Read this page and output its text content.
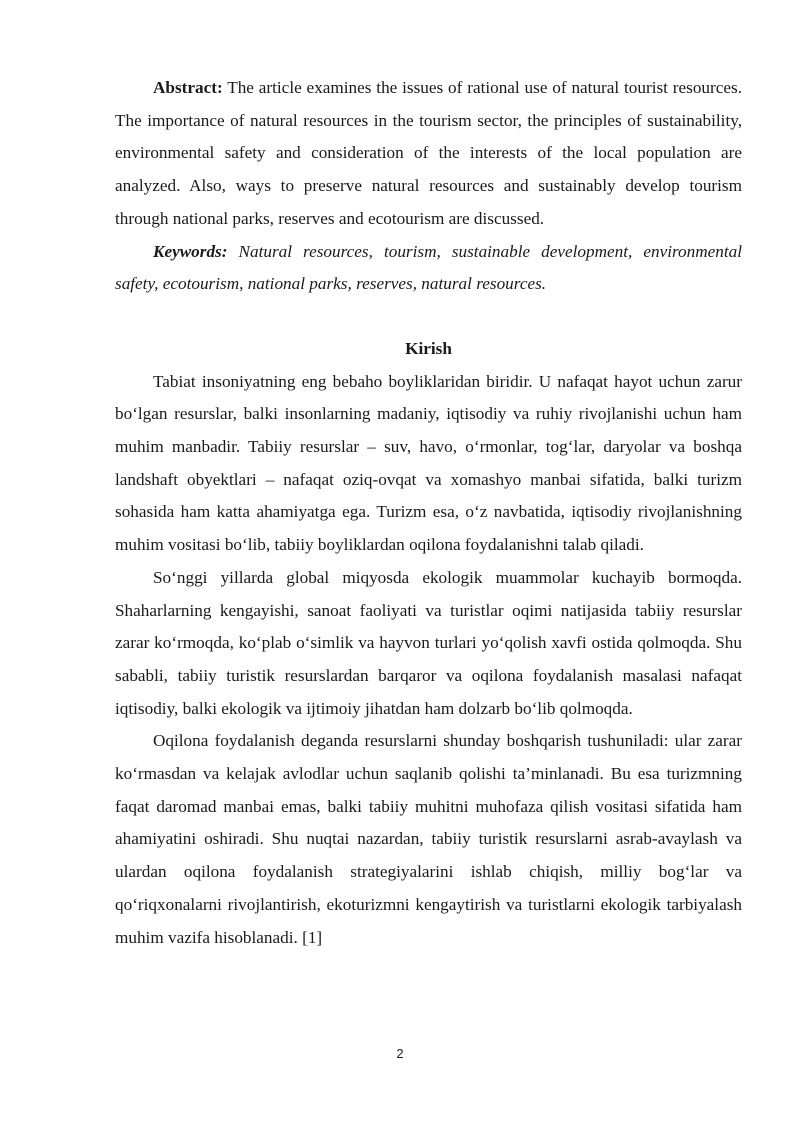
Abstract: The article examines the issues of rational use of natural tourist resources. The importance of natural resources in the tourism sector, the principles of sustainability, environmental safety and consideration of the interests of the local population are analyzed. Also, ways to preserve natural resources and sustainably develop tourism through national parks, reserves and ecotourism are discussed.

Keywords: Natural resources, tourism, sustainable development, environmental safety, ecotourism, national parks, reserves, natural resources.

Kirish

Tabiat insoniyatning eng bebaho boyliklaridan biridir. U nafaqat hayot uchun zarur bo‘lgan resurslar, balki insonlarning madaniy, iqtisodiy va ruhiy rivojlanishi uchun ham muhim manbadir. Tabiiy resurslar – suv, havo, o‘rmonlar, tog‘lar, daryolar va boshqa landshaft obyektlari – nafaqat oziq-ovqat va xomashyo manbai sifatida, balki turizm sohasida ham katta ahamiyatga ega. Turizm esa, o‘z navbatida, iqtisodiy rivojlanishning muhim vositasi bo‘lib, tabiiy boyliklardan oqilona foydalanishni talab qiladi.

So‘nggi yillarda global miqyosda ekologik muammolar kuchayib bormoqda. Shaharlarning kengayishi, sanoat faoliyati va turistlar oqimi natijasida tabiiy resurslar zarar ko‘rmoqda, ko‘plab o‘simlik va hayvon turlari yo‘qolish xavfi ostida qolmoqda. Shu sababli, tabiiy turistik resurslardan barqaror va oqilona foydalanish masalasi nafaqat iqtisodiy, balki ekologik va ijtimoiy jihatdan ham dolzarb bo‘lib qolmoqda.

Oqilona foydalanish deganda resurslarni shunday boshqarish tushuniladi: ular zarar ko‘rmasdan va kelajak avlodlar uchun saqlanib qolishi ta’minlanadi. Bu esa turizmning faqat daromad manbai emas, balki tabiiy muhitni muhofaza qilish vositasi sifatida ham ahamiyatini oshiradi. Shu nuqtai nazardan, tabiiy turistik resurslarni asrab-avaylash va ulardan oqilona foydalanish strategiyalarini ishlab chiqish, milliy bog‘lar va qo‘riqxonalarni rivojlantirish, ekoturizmni kengaytirish va turistlarni ekologik tarbiyalash muhim vazifa hisoblanadi. [1]

2
